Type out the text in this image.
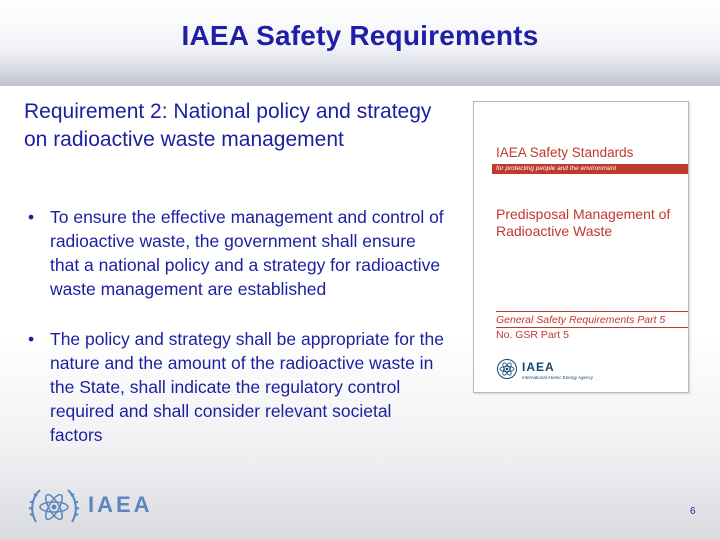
IAEA Safety Requirements
Requirement 2: National policy and strategy on radioactive waste management
• To ensure the effective management and control of radioactive waste, the government shall ensure that a national policy and a strategy for radioactive waste management are established
• The policy and strategy shall be appropriate for the nature and the amount of the radioactive waste in the State, shall indicate the regulatory control required and shall consider relevant societal factors
IAEA Safety Standards
for protecting people and the environment
Predisposal Management of Radioactive Waste
General Safety Requirements Part 5
No. GSR Part 5
IAEA
International Atomic Energy Agency
IAEA	6
